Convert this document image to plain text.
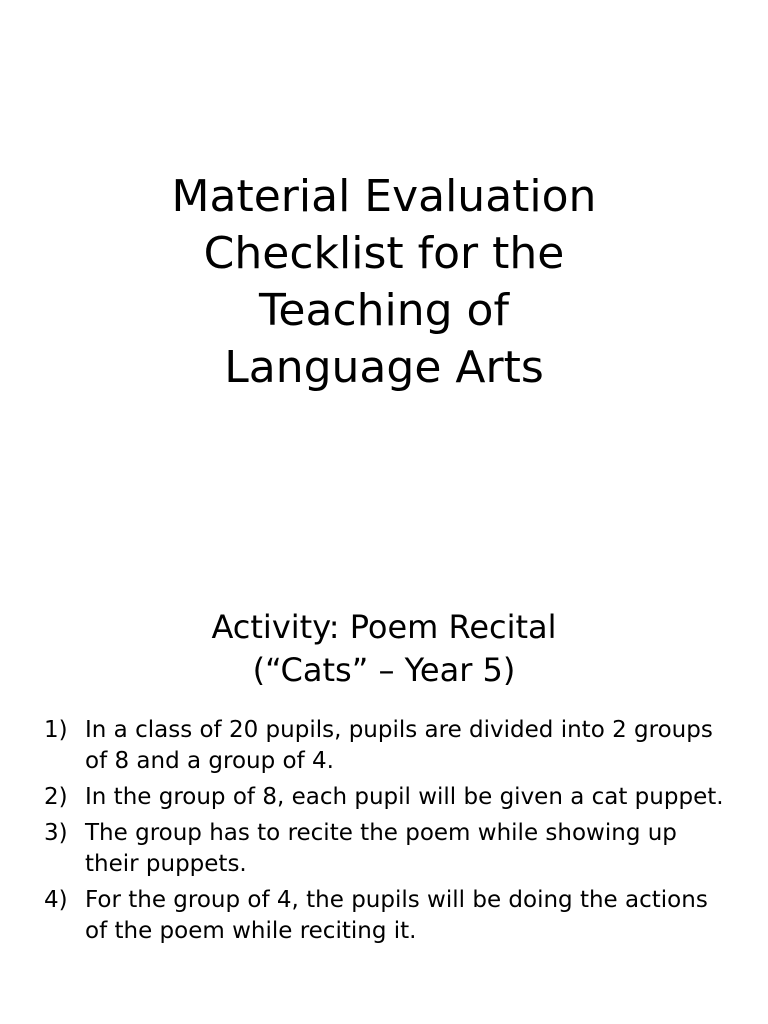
Material Evaluation
Checklist for the
Teaching of
Language Arts
Activity: Poem Recital
(“Cats” – Year 5)
1) In a class of 20 pupils, pupils are divided into 2 groups of 8 and a group of 4.
2) In the group of 8, each pupil will be given a cat puppet.
3) The group has to recite the poem while showing up their puppets.
4) For the group of 4, the pupils will be doing the actions of the poem while reciting it.
